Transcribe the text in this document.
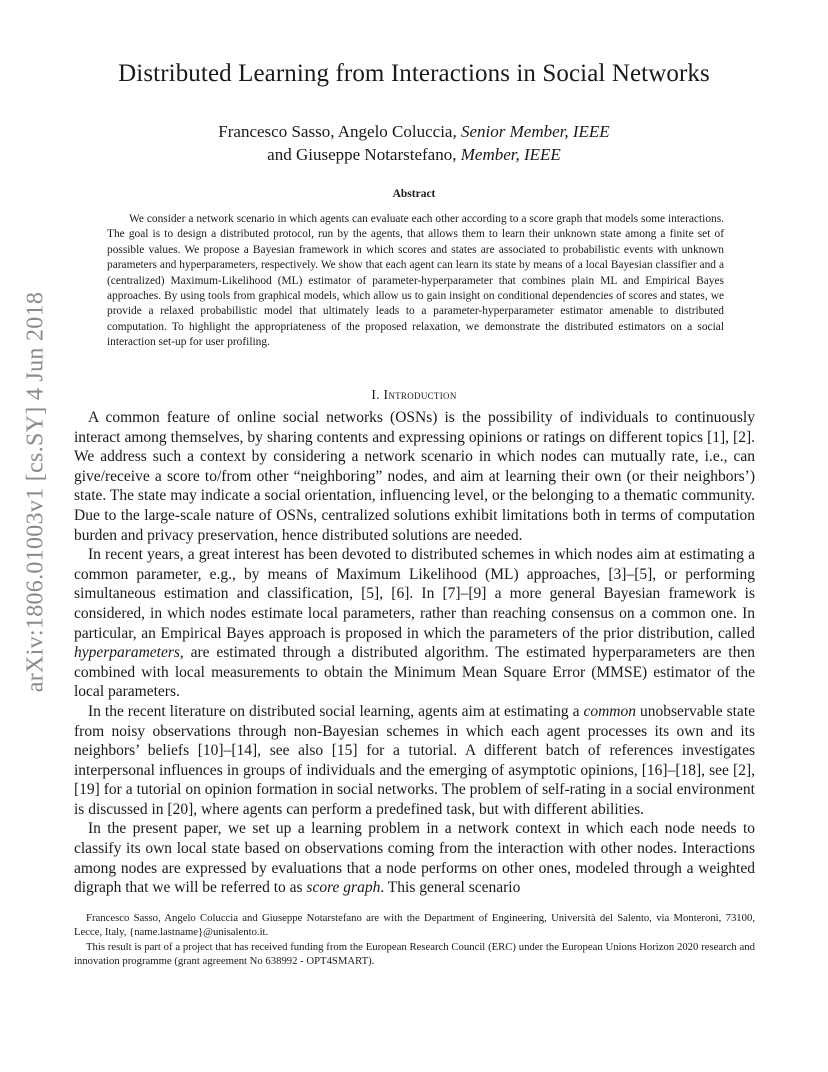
arXiv:1806.01003v1 [cs.SY] 4 Jun 2018
Distributed Learning from Interactions in Social Networks
Francesco Sasso, Angelo Coluccia, Senior Member, IEEE
and Giuseppe Notarstefano, Member, IEEE
Abstract

We consider a network scenario in which agents can evaluate each other according to a score graph that models some interactions. The goal is to design a distributed protocol, run by the agents, that allows them to learn their unknown state among a finite set of possible values. We propose a Bayesian framework in which scores and states are associated to probabilistic events with unknown parameters and hyperparameters, respectively. We show that each agent can learn its state by means of a local Bayesian classifier and a (centralized) Maximum-Likelihood (ML) estimator of parameter-hyperparameter that combines plain ML and Empirical Bayes approaches. By using tools from graphical models, which allow us to gain insight on conditional dependencies of scores and states, we provide a relaxed probabilistic model that ultimately leads to a parameter-hyperparameter estimator amenable to distributed computation. To highlight the appropriateness of the proposed relaxation, we demonstrate the distributed estimators on a social interaction set-up for user profiling.

I. Introduction

A common feature of online social networks (OSNs) is the possibility of individuals to continuously interact among themselves, by sharing contents and expressing opinions or ratings on different topics [1], [2]. We address such a context by considering a network scenario in which nodes can mutually rate, i.e., can give/receive a score to/from other “neighboring” nodes, and aim at learning their own (or their neighbors’) state. The state may indicate a social orientation, influencing level, or the belonging to a thematic community. Due to the large-scale nature of OSNs, centralized solutions exhibit limitations both in terms of computation burden and privacy preservation, hence distributed solutions are needed.

In recent years, a great interest has been devoted to distributed schemes in which nodes aim at estimating a common parameter, e.g., by means of Maximum Likelihood (ML) approaches, [3]–[5], or performing simultaneous estimation and classification, [5], [6]. In [7]–[9] a more general Bayesian framework is considered, in which nodes estimate local parameters, rather than reaching consensus on a common one. In particular, an Empirical Bayes approach is proposed in which the parameters of the prior distribution, called hyperparameters, are estimated through a distributed algorithm. The estimated hyperparameters are then combined with local measurements to obtain the Minimum Mean Square Error (MMSE) estimator of the local parameters.

In the recent literature on distributed social learning, agents aim at estimating a common unobservable state from noisy observations through non-Bayesian schemes in which each agent processes its own and its neighbors’ beliefs [10]–[14], see also [15] for a tutorial. A different batch of references investigates interpersonal influences in groups of individuals and the emerging of asymptotic opinions, [16]–[18], see [2], [19] for a tutorial on opinion formation in social networks. The problem of self-rating in a social environment is discussed in [20], where agents can perform a predefined task, but with different abilities.

In the present paper, we set up a learning problem in a network context in which each node needs to classify its own local state based on observations coming from the interaction with other nodes. Interactions among nodes are expressed by evaluations that a node performs on other ones, modeled through a weighted digraph that we will be referred to as score graph. This general scenario

Francesco Sasso, Angelo Coluccia and Giuseppe Notarstefano are with the Department of Engineering, Università del Salento, via Monteroni, 73100, Lecce, Italy, {name.lastname}@unisalento.it.

This result is part of a project that has received funding from the European Research Council (ERC) under the European Unions Horizon 2020 research and innovation programme (grant agreement No 638992 - OPT4SMART).
